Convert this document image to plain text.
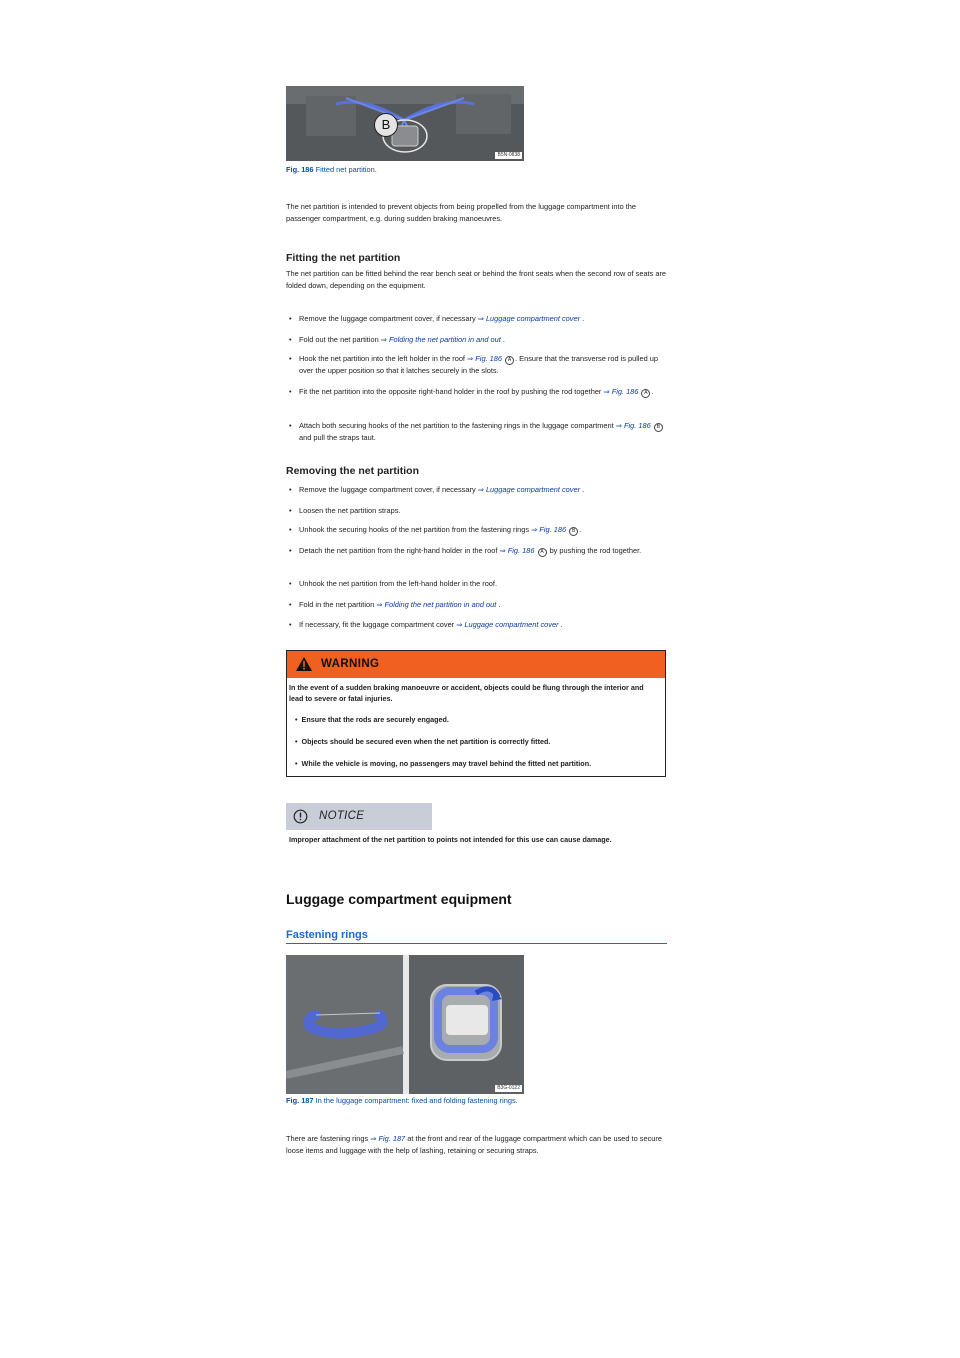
B
B5N-0838
Fig. 186 Fitted net partition.
The net partition is intended to prevent objects from being propelled from the luggage compartment into the passenger compartment, e.g. during sudden braking manoeuvres.
Fitting the net partition
The net partition can be fitted behind the rear bench seat or behind the front seats when the second row of seats are folded down, depending on the equipment.
• Remove the luggage compartment cover, if necessary ⇒ Luggage compartment cover .
• Fold out the net partition ⇒ Folding the net partition in and out .
• Hook the net partition into the left holder in the roof ⇒ Fig. 186 A . Ensure that the transverse rod is pulled up over the upper position so that it latches securely in the slots.
• Fit the net partition into the opposite right-hand holder in the roof by pushing the rod together ⇒ Fig. 186 A .
• Attach both securing hooks of the net partition to the fastening rings in the luggage compartment ⇒ Fig. 186 B and pull the straps taut.
Removing the net partition
• Remove the luggage compartment cover, if necessary ⇒ Luggage compartment cover .
• Loosen the net partition straps.
• Unhook the securing hooks of the net partition from the fastening rings ⇒ Fig. 186 B .
• Detach the net partition from the right-hand holder in the roof ⇒ Fig. 186 A by pushing the rod together.
• Unhook the net partition from the left-hand holder in the roof.
• Fold in the net partition ⇒ Folding the net partition in and out .
• If necessary, fit the luggage compartment cover ⇒ Luggage compartment cover .
WARNING
In the event of a sudden braking manoeuvre or accident, objects could be flung through the interior and lead to severe or fatal injuries.
• Ensure that the rods are securely engaged.
• Objects should be secured even when the net partition is correctly fitted.
• While the vehicle is moving, no passengers may travel behind the fitted net partition.
NOTICE
Improper attachment of the net partition to points not intended for this use can cause damage.
Luggage compartment equipment
Fastening rings
B3G-0122
Fig. 187 In the luggage compartment: fixed and folding fastening rings.
There are fastening rings ⇒ Fig. 187 at the front and rear of the luggage compartment which can be used to secure loose items and luggage with the help of lashing, retaining or securing straps.
